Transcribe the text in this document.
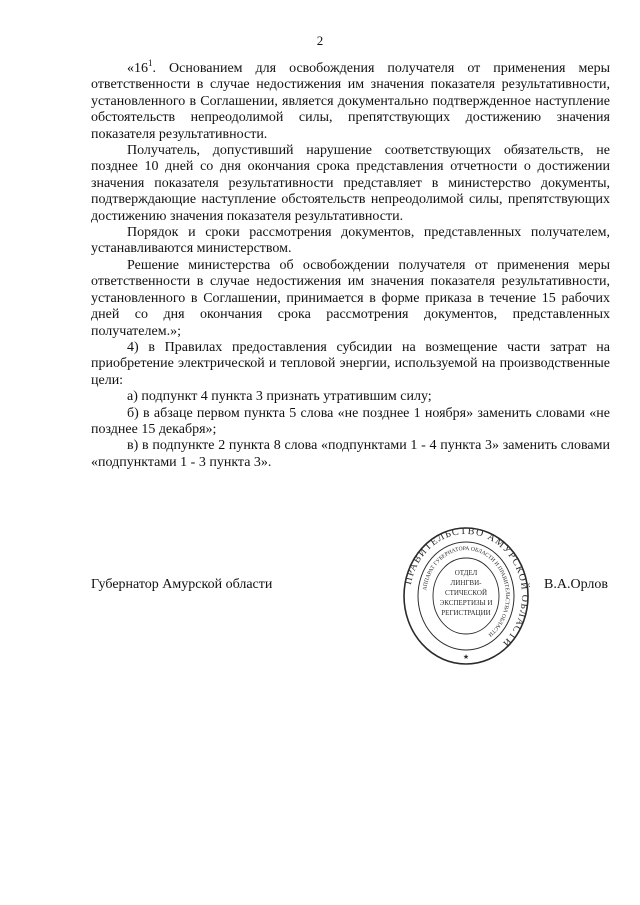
2

«$16^1$. Основанием для освобождения получателя от применения меры ответственности в случае недостижения им значения показателя результативности, установленного в Соглашении, является документально подтвержденное наступление обстоятельств непреодолимой силы, препятствующих достижению значения показателя результативности.

Получатель, допустивший нарушение соответствующих обязательств, не позднее 10 дней со дня окончания срока представления отчетности о достижении значения показателя результативности представляет в министерство документы, подтверждающие наступление обстоятельств непреодолимой силы, препятствующих достижению значения показателя результативности.

Порядок и сроки рассмотрения документов, представленных получателем, устанавливаются министерством.

Решение министерства об освобождении получателя от применения меры ответственности в случае недостижения им значения показателя результативности, установленного в Соглашении, принимается в форме приказа в течение 15 рабочих дней со дня окончания срока рассмотрения документов, представленных получателем.»;

4) в Правилах предоставления субсидии на возмещение части затрат на приобретение электрической и тепловой энергии, используемой на производственные цели:

а) подпункт 4 пункта 3 признать утратившим силу;

б) в абзаце первом пункта 5 слова «не позднее 1 ноября» заменить словами «не позднее 15 декабря»;

в) в подпункте 2 пункта 8 слова «подпунктами 1 - 4 пункта 3» заменить словами «подпунктами 1 - 3 пункта 3».

Губернатор Амурской области	В.А.Орлов
ПРАВИТЕЛЬСТВО АМУРСКОЙ ОБЛАСТИ
АППАРАТ ГУБЕРНАТОРА ОБЛАСТИ И ПРАВИТЕЛЬСТВА ОБЛАСТИ
ОТДЕЛ
ЛИНГВИ-
СТИЧЕСКОЙ
ЭКСПЕРТИЗЫ И
РЕГИСТРАЦИИ
★
